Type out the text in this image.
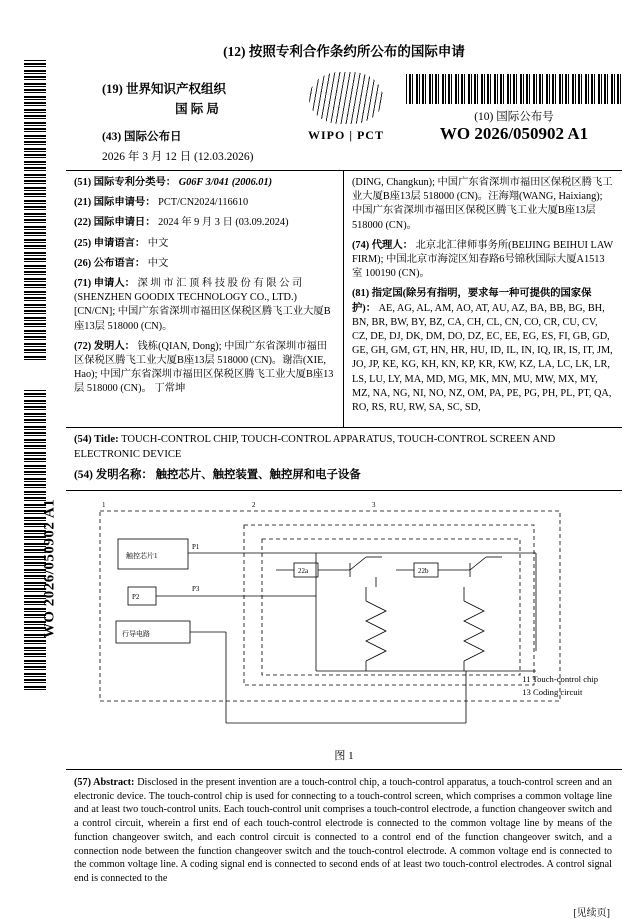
WO 2026/050902 A1
(12) 按照专利合作条约所公布的国际申请
(19) 世界知识产权组织
国 际 局
WIPO | PCT
(10) 国际公布号
WO 2026/050902 A1
(43) 国际公布日
2026 年 3 月 12 日 (12.03.2026)
(51) 国际专利分类号： G06F 3/041 (2006.01)
(21) 国际申请号： PCT/CN2024/116610
(22) 国际申请日： 2024 年 9 月 3 日 (03.09.2024)
(25) 申请语言： 中文
(26) 公布语言： 中文
(71) 申请人： 深 圳 市 汇 顶 科 技 股 份 有 限 公 司 (SHENZHEN GOODIX TECHNOLOGY CO., LTD.) [CN/CN]; 中国广东省深圳市福田区保税区腾飞工业大厦B座13层 518000 (CN)。
(72) 发明人： 钱栋(QIAN, Dong); 中国广东省深圳市福田区保税区腾飞工业大厦B座13层 518000 (CN)。谢浩(XIE, Hao); 中国广东省深圳市福田区保税区腾飞工业大厦B座13层 518000 (CN)。 丁常坤
(DING, Changkun); 中国广东省深圳市福田区保税区腾飞工业大厦B座13层 518000 (CN)。汪海翔(WANG, Haixiang); 中国广东省深圳市福田区保税区腾飞工业大厦B座13层 518000 (CN)。
(74) 代理人： 北京北汇律师事务所(BEIJING BEIHUI LAW FIRM); 中国北京市海淀区知春路6号锦秋国际大厦A1513室 100190 (CN)。
(81) 指定国(除另有指明，要求每一种可提供的国家保护)： AE, AG, AL, AM, AO, AT, AU, AZ, BA, BB, BG, BH, BN, BR, BW, BY, BZ, CA, CH, CL, CN, CO, CR, CU, CV, CZ, DE, DJ, DK, DM, DO, DZ, EC, EE, EG, ES, FI, GB, GD, GE, GH, GM, GT, HN, HR, HU, ID, IL, IN, IQ, IR, IS, IT, JM, JO, JP, KE, KG, KH, KN, KP, KR, KW, KZ, LA, LC, LK, LR, LS, LU, LY, MA, MD, MG, MK, MN, MU, MW, MX, MY, MZ, NA, NG, NI, NO, NZ, OM, PA, PE, PG, PH, PL, PT, QA, RO, RS, RU, RW, SA, SC, SD,
(54) Title: TOUCH-CONTROL CHIP, TOUCH-CONTROL APPARATUS, TOUCH-CONTROL SCREEN AND ELECTRONIC DEVICE
(54) 发明名称： 触控芯片、触控装置、触控屏和电子设备
触控芯片1
P2
行导电路
22a	22b
P1
P3
2	3
1
11 Touch-control chip
13 Coding circuit
图 1
(57) Abstract: Disclosed in the present invention are a touch-control chip, a touch-control apparatus, a touch-control screen and an electronic device. The touch-control chip is used for connecting to a touch-control screen, which comprises a common voltage line and at least two touch-control units. Each touch-control unit comprises a touch-control electrode, a function changeover switch and a control circuit, wherein a first end of each touch-control electrode is connected to the common voltage line by means of the function changeover switch, and each control circuit is connected to a control end of the function changeover switch, and a connection node between the function changeover switch and the touch-control electrode. A common voltage end is connected to the common voltage line. A coding signal end is connected to second ends of at least two touch-control electrodes. A control signal end is connected to the
[见续页]
